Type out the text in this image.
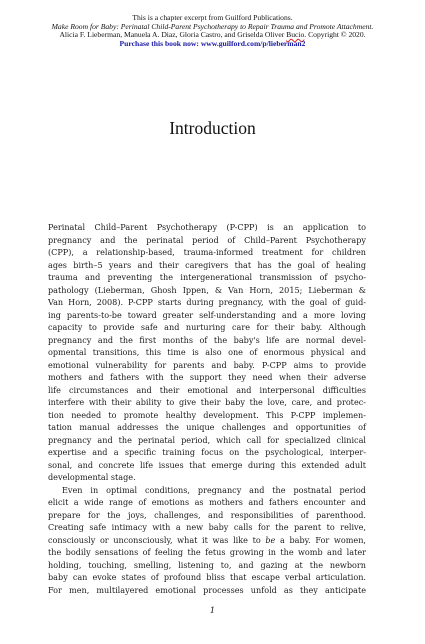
This is a chapter excerpt from Guilford Publications.
Make Room for Baby: Perinatal Child-Parent Psychotherapy to Repair Trauma and Promote Attachment.
Alicia F. Lieberman, Manuela A. Diaz, Gloria Castro, and Griselda Oliver Bucio. Copyright © 2020.
Purchase this book now: www.guilford.com/p/lieberman2
Introduction
Perinatal Child–Parent Psychotherapy (P-CPP) is an application to
pregnancy and the perinatal period of Child–Parent Psychotherapy
(CPP), a relationship-based, trauma-informed treatment for children
ages birth–5 years and their caregivers that has the goal of healing
trauma and preventing the intergenerational transmission of psycho-
pathology (Lieberman, Ghosh Ippen, & Van Horn, 2015; Lieberman &
Van Horn, 2008). P-CPP starts during pregnancy, with the goal of guid-
ing parents-to-be toward greater self-understanding and a more loving
capacity to provide safe and nurturing care for their baby. Although
pregnancy and the first months of the baby's life are normal devel-
opmental transitions, this time is also one of enormous physical and
emotional vulnerability for parents and baby. P-CPP aims to provide
mothers and fathers with the support they need when their adverse
life circumstances and their emotional and interpersonal difficulties
interfere with their ability to give their baby the love, care, and protec-
tion needed to promote healthy development. This P-CPP implemen-
tation manual addresses the unique challenges and opportunities of
pregnancy and the perinatal period, which call for specialized clinical
expertise and a specific training focus on the psychological, interper-
sonal, and concrete life issues that emerge during this extended adult
developmental stage.
Even in optimal conditions, pregnancy and the postnatal period
elicit a wide range of emotions as mothers and fathers encounter and
prepare for the joys, challenges, and responsibilities of parenthood.
Creating safe intimacy with a new baby calls for the parent to relive,
consciously or unconsciously, what it was like to be a baby. For women,
the bodily sensations of feeling the fetus growing in the womb and later
holding, touching, smelling, listening to, and gazing at the newborn
baby can evoke states of profound bliss that escape verbal articulation.
For men, multilayered emotional processes unfold as they anticipate
1
